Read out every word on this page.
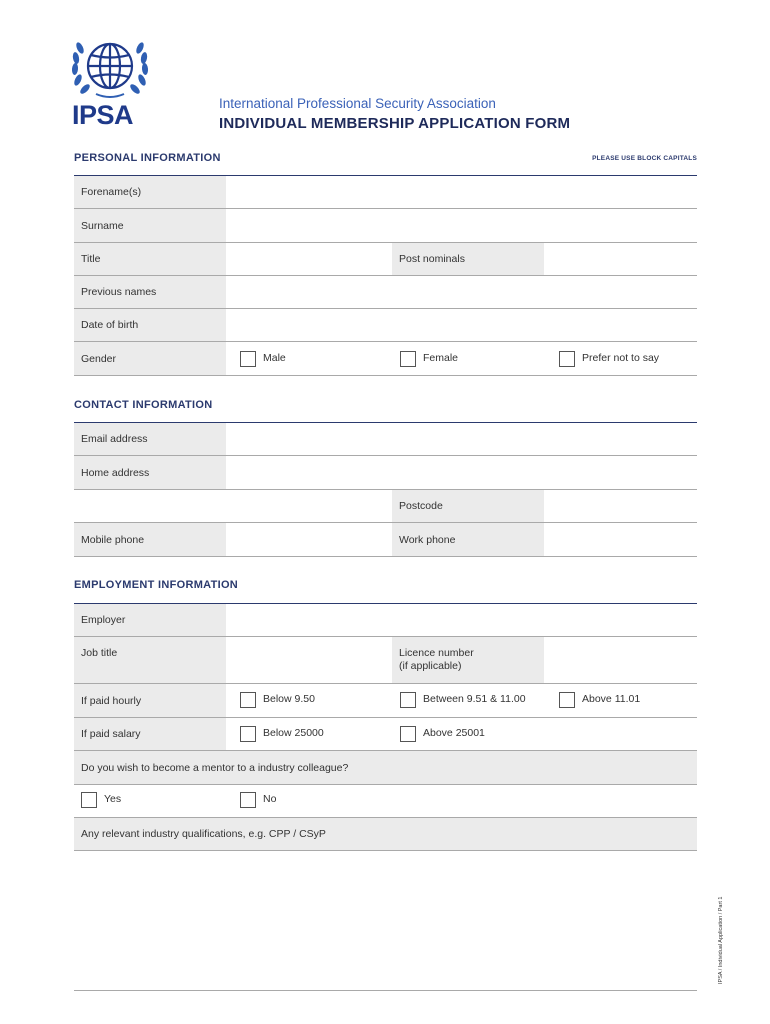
IPSA	International Professional Security Association
INDIVIDUAL MEMBERSHIP APPLICATION FORM
PERSONAL INFORMATION	PLEASE USE BLOCK CAPITALS
Forename(s)
Surname
Title	Post nominals
Previous names
Date of birth
Gender	Male	Female	Prefer not to say
CONTACT INFORMATION
Email address
Home address
Postcode
Mobile phone	Work phone
EMPLOYMENT INFORMATION
Employer
Job title	Licence number
(if applicable)
If paid hourly	Below 9.50	Between 9.51 & 11.00	Above 11.01
If paid salary	Below 25000	Above 25001
Do you wish to become a mentor to a industry colleague?
Yes	No
Any relevant industry qualifications, e.g. CPP / CSyP
IPSA / Individual Application / Part 1
